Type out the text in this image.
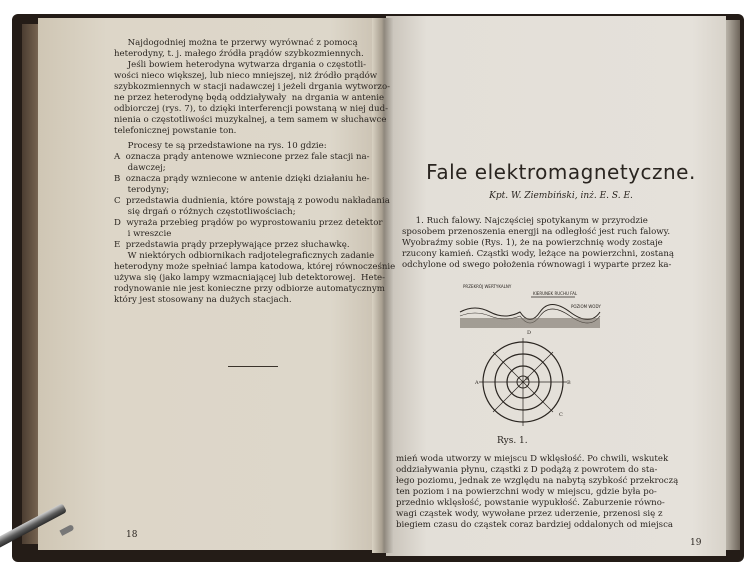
Najdogodniej można te przerwy wyrównać z pomocą
heterodyny, t. j. małego źródła prądów szybkozmiennych.
Jeśli bowiem heterodyna wytwarza drgania o częstotli-
wości nieco większej, lub nieco mniejszej, niż źródło prądów
szybkozmiennych w stacji nadawczej i jeżeli drgania wytworzo-
ne przez heterodynę będą oddziaływały  na drgania w antenie
odbiorczej (rys. 7), to dzięki interferencji powstaną w niej dud-
nienia o częstotliwości muzykalnej, a tem samem w słuchawce
telefonicznej powstanie ton.
Procesy te są przedstawione na rys. 10 gdzie:
A  oznacza prądy antenowe wzniecone przez fale stacji na-
dawczej;
B  oznacza prądy wzniecone w antenie dzięki działaniu he-
terodyny;
C  przedstawia dudnienia, które powstają z powodu nakładania
się drgań o różnych częstotliwościach;
D  wyraża przebieg prądów po wyprostowaniu przez detektor
i wreszcie
E  przedstawia prądy przepływające przez słuchawkę.
W niektórych odbiornikach radjotelegraficznych zadanie
heterodyny może spełniać lampa katodowa, której równocześnie
używa się (jako lampy wzmacniającej lub detektorowej.  Hete-
rodynowanie nie jest konieczne przy odbiorze automatycznym
który jest stosowany na dużych stacjach.
18
Fale elektromagnetyczne.
Kpt. W. Ziembiński, inż. E. S. E.
1. Ruch falowy. Najczęściej spotykanym w przyrodzie
sposobem przenoszenia energji na odległość jest ruch falowy.
Wyobraźmy sobie (Rys. 1), że na powierzchnię wody zostaje
rzucony kamień. Cząstki wody, leżące na powierzchni, zostaną
odchylone od swego położenia równowagi i wyparte przez ka-
PRZEKRÓJ WERTYKALNY
KIERUNEK RUCHU FAL
POZIOM WODY
D
A	B
C
D
Rys. 1.
mień woda utworzy w miejscu D wklęsłość. Po chwili, wskutek
oddziaływania płynu, cząstki z D podążą z powrotem do sta-
łego poziomu, jednak ze względu na nabytą szybkość przekroczą
ten poziom i na powierzchni wody w miejscu, gdzie była po-
przednio wklęsłość, powstanie wypukłość. Zaburzenie równo-
wagi cząstek wody, wywołane przez uderzenie, przenosi się z
biegiem czasu do cząstek coraz bardziej oddalonych od miejsca
19
